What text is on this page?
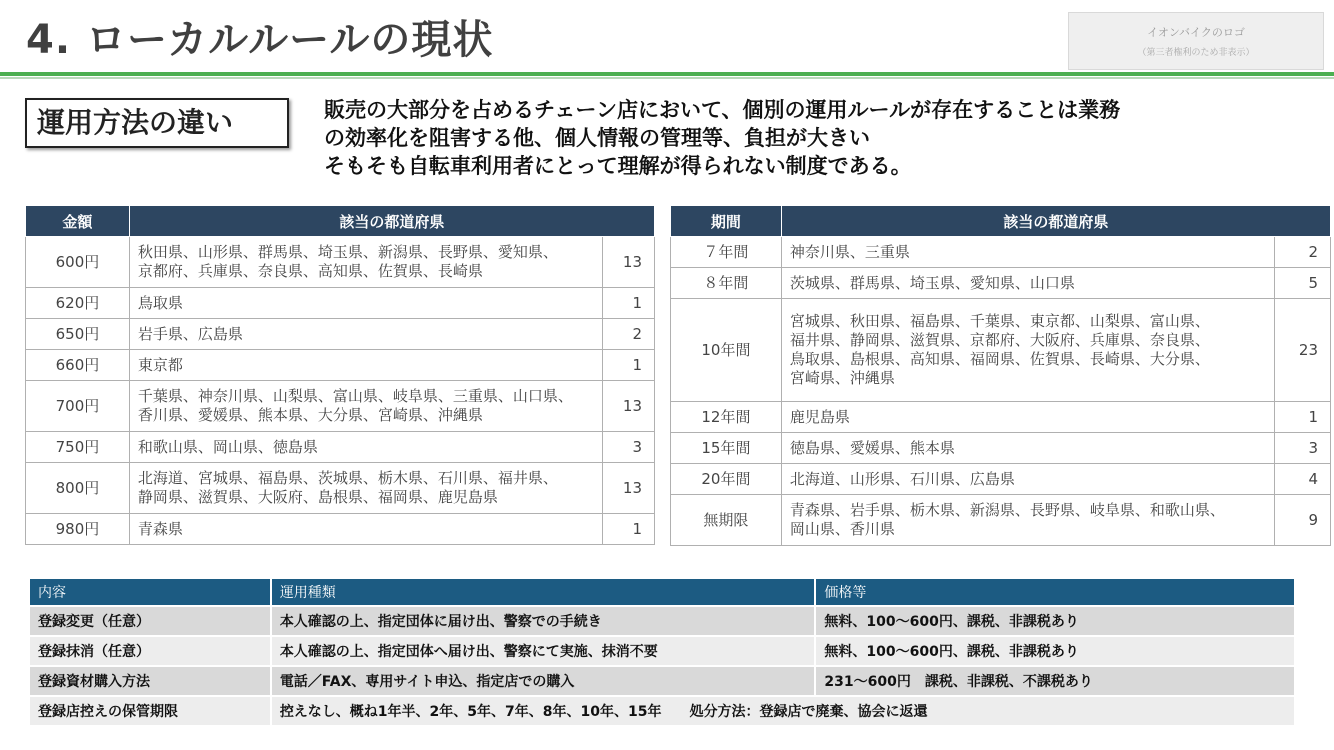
4. ローカルルールの現状	イオンバイクのロゴ
（第三者権利のため非表示）
運用方法の違い	販売の大部分を占めるチェーン店において、個別の運用ルールが存在することは業務
の効率化を阻害する他、個人情報の管理等、負担が大きい
そもそも自転車利用者にとって理解が得られない制度である。
金額	該当の都道府県	
600円	秋田県、山形県、群馬県、埼玉県、新潟県、長野県、愛知県、
京都府、兵庫県、奈良県、高知県、佐賀県、長崎県	13
620円	鳥取県	1
650円	岩手県、広島県	2
660円	東京都	1
700円	千葉県、神奈川県、山梨県、富山県、岐阜県、三重県、山口県、
香川県、愛媛県、熊本県、大分県、宮崎県、沖縄県	13
750円	和歌山県、岡山県、徳島県	3
800円	北海道、宮城県、福島県、茨城県、栃木県、石川県、福井県、
静岡県、滋賀県、大阪府、島根県、福岡県、鹿児島県	13
980円	青森県	1
期間	該当の都道府県	
７年間	神奈川県、三重県	2
８年間	茨城県、群馬県、埼玉県、愛知県、山口県	5
10年間	宮城県、秋田県、福島県、千葉県、東京都、山梨県、富山県、
福井県、静岡県、滋賀県、京都府、大阪府、兵庫県、奈良県、
鳥取県、島根県、高知県、福岡県、佐賀県、長崎県、大分県、
宮崎県、沖縄県	23
12年間	鹿児島県	1
15年間	徳島県、愛媛県、熊本県	3
20年間	北海道、山形県、石川県、広島県	4
無期限	青森県、岩手県、栃木県、新潟県、長野県、岐阜県、和歌山県、
岡山県、香川県	9
内容	運用種類	価格等
登録変更（任意）	本人確認の上、指定団体に届け出、警察での手続き	無料、100～600円、課税、非課税あり
登録抹消（任意）	本人確認の上、指定団体へ届け出、警察にて実施、抹消不要	無料、100～600円、課税、非課税あり
登録資材購入方法	電話／FAX、専用サイト申込、指定店での購入	231～600円　課税、非課税、不課税あり
登録店控えの保管期限	控えなし、概ね1年半、2年、5年、7年、8年、10年、15年　　処分方法：登録店で廃棄、協会に返還	
